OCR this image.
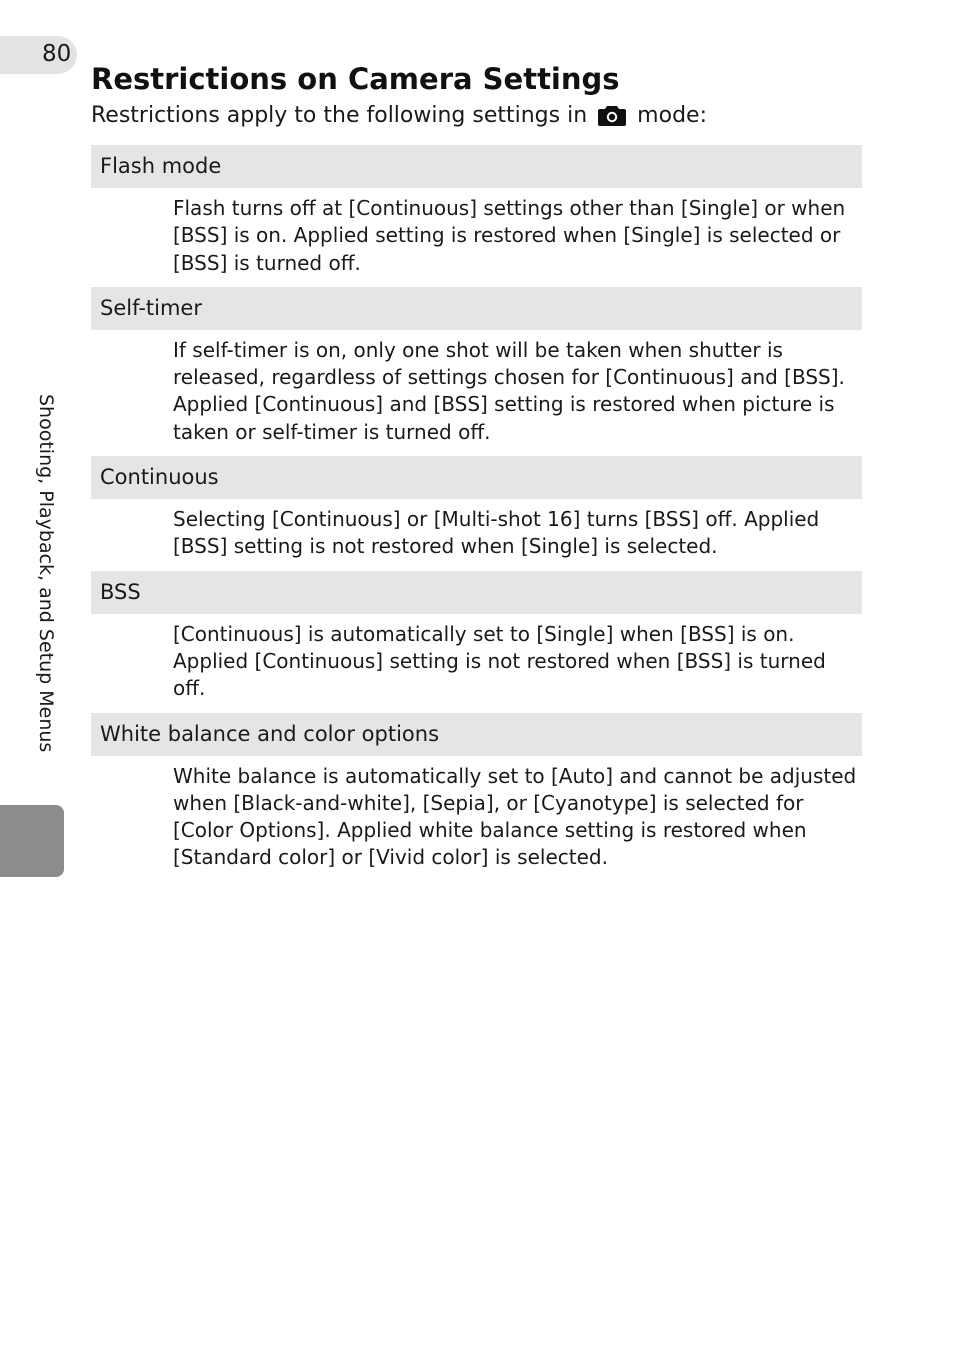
80
Shooting, Playback, and Setup Menus
Restrictions on Camera Settings

Restrictions apply to the following settings in mode:

Flash mode

Flash turns off at [Continuous] settings other than [Single] or when [BSS] is on. Applied setting is restored when [Single] is selected or [BSS] is turned off.

Self-timer

If self-timer is on, only one shot will be taken when shutter is released, regardless of settings chosen for [Continuous] and [BSS]. Applied [Continuous] and [BSS] setting is restored when picture is taken or self-timer is turned off.

Continuous

Selecting [Continuous] or [Multi-shot 16] turns [BSS] off. Applied [BSS] setting is not restored when [Single] is selected.

BSS

[Continuous] is automatically set to [Single] when [BSS] is on. Applied [Continuous] setting is not restored when [BSS] is turned off.

White balance and color options

White balance is automatically set to [Auto] and cannot be adjusted when [Black-and-white], [Sepia], or [Cyanotype] is selected for [Color Options]. Applied white balance setting is restored when [Standard color] or [Vivid color] is selected.
